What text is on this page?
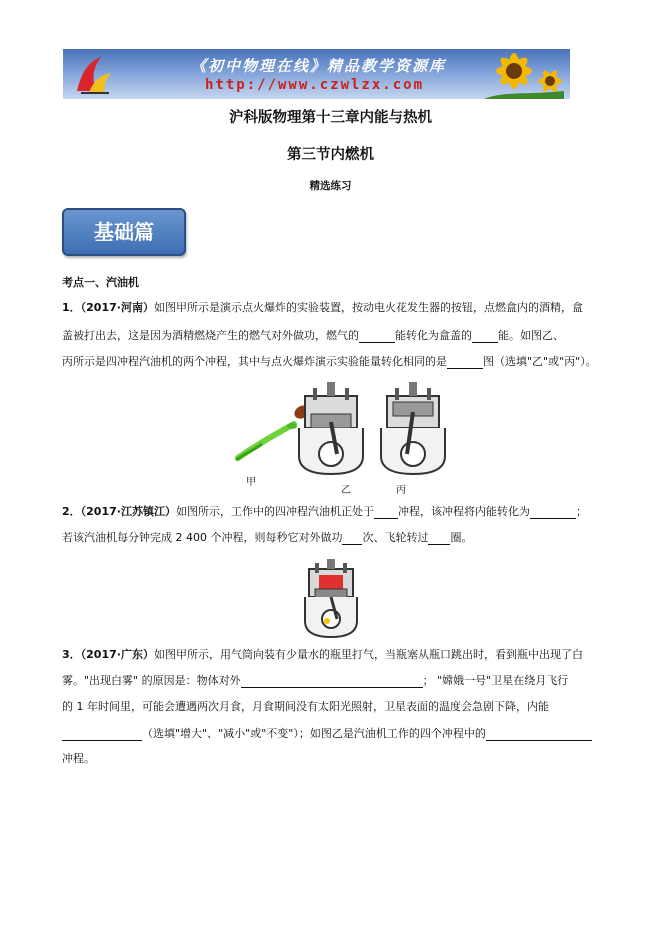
《初中物理在线》精品教学资源库
http://www.czwlzx.com
沪科版物理第十三章内能与热机
第三节内燃机
精选练习
基础篇
考点一、汽油机
1．（2017·河南）如图甲所示是演示点火爆炸的实验装置，按动电火花发生器的按钮，点燃盒内的酒精，盒
盖被打出去，这是因为酒精燃烧产生的燃气对外做功，燃气的	能转化为盒盖的 能。如图乙、
丙所示是四冲程汽油机的两个冲程，其中与点火爆炸演示实验能量转化相同的是	图（选填"乙"或"丙"）。
甲
乙	丙
2．（2017·江苏镇江）如图所示，工作中的四冲程汽油机正处于 冲程，该冲程将内能转化为	；
若该汽油机每分钟完成 2 400 个冲程，则每秒它对外做功 次、飞轮转过 圈。
3．（2017·广东）如图甲所示，用气筒向装有少量水的瓶里打气，当瓶塞从瓶口跳出时，看到瓶中出现了白
雾。"出现白雾" 的原因是：物体对外	； "嫦娥一号"卫星在绕月飞行
的 1 年时间里，可能会遭遇两次月食，月食期间没有太阳光照射，卫星表面的温度会急剧下降，内能
（选填"增大"、"减小"或"不变"）；如图乙是汽油机工作的四个冲程中的
冲程。
